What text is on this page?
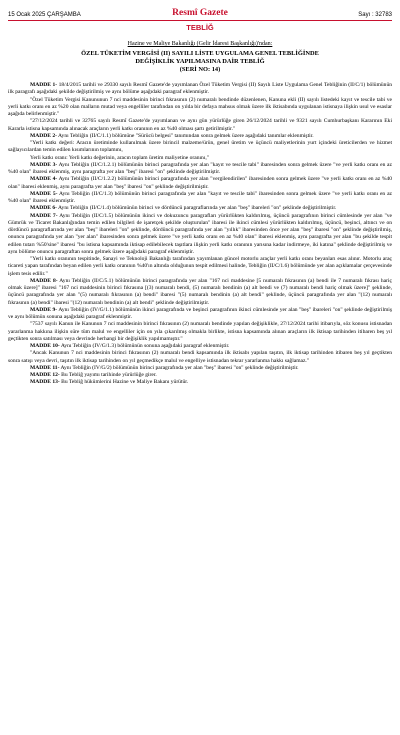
15 Ocak 2025 ÇARŞAMBA	Resmî Gazete	Sayı : 32783
TEBLİĞ
Hazine ve Maliye Bakanlığı (Gelir İdaresi Başkanlığı)'ndan:
ÖZEL TÜKETİM VERGİSİ (II) SAYILI LİSTE UYGULAMA GENEL TEBLİĞİNDE
DEĞİŞİKLİK YAPILMASINA DAİR TEBLİĞ
(SERİ NO: 14)

MADDE 1- 18/4/2015 tarihli ve 29330 sayılı Resmî Gazete'de yayımlanan Özel Tüketim Vergisi (II) Sayılı Liste Uygulama Genel Tebliğinin (II/C/1) bölümünün ilk paragrafı aşağıdaki şekilde değiştirilmiş ve aynı bölüme aşağıdaki paragraf eklenmiştir.

"Özel Tüketim Vergisi Kanununun 7 nci maddesinin birinci fıkrasının (2) numaralı bendinde düzenlenen, Kanuna ekli (II) sayılı listedeki kayıt ve tescile tabi ve yerli katkı oranı en az %20 olan malların mutad veya engelliler tarafından on yılda bir defaya mahsus olmak üzere ilk iktisabında uygulanan istisnaya ilişkin usul ve esaslar aşağıda belirlenmiştir."

"27/12/2024 tarihli ve 32765 sayılı Resmî Gazete'de yayımlanan ve aynı gün yürürlüğe giren 26/12/2024 tarihli ve 9321 sayılı Cumhurbaşkanı Kararının Eki Kararla istisna kapsamında alınacak araçların yerli katkı oranının en az %40 olması şartı getirilmiştir."

MADDE 2- Aynı Tebliğin (II/C/1.1) bölümüne "Sürücü belgesi" tanımından sonra gelmek üzere aşağıdaki tanımlar eklenmiştir.

"Yerli katkı değeri: Aracın üretiminde kullanılmak üzere birincil malzeme/ürün, genel üretim ve üçüncü maliyetlerinin yurt içindeki üreticilerden ve hizmet sağlayıcılardan temin edilen kısımlarının toplamını,

Yerli katkı oranı: Yerli katkı değerinin, aracın toplam üretim maliyetine oranını,"

MADDE 3- Aynı Tebliğin (II/C/1.2.1) bölümünün birinci paragrafında yer alan "kayıt ve tescile tabi" ibaresinden sonra gelmek üzere "ve yerli katkı oranı en az %40 olan" ibaresi eklenmiş, aynı paragrafta yer alan "beş" ibaresi "on" şeklinde değiştirilmiştir.

MADDE 4- Aynı Tebliğin (II/C/1.2.2) bölümünün birinci paragrafında yer alan "vergilendirilen" ibaresinden sonra gelmek üzere "ve yerli katkı oranı en az %40 olan" ibaresi eklenmiş, aynı paragrafta yer alan "beş" ibaresi "on" şeklinde değiştirilmiştir.

MADDE 5- Aynı Tebliğin (II/C/1.3) bölümünün birinci paragrafında yer alan "kayıt ve tescile tabi" ibaresinden sonra gelmek üzere "ve yerli katkı oranı en az %40 olan" ibaresi eklenmiştir.

MADDE 6- Aynı Tebliğin (II/C/1.4) bölümünün birinci ve dördüncü paragraflarında yer alan "beş" ibareleri "on" şeklinde değiştirilmiştir.

MADDE 7- Aynı Tebliğin (II/C/1.5) bölümünün ikinci ve dokuzuncu paragrafları yürürlükten kaldırılmış, üçüncü paragrafının birinci cümlesinde yer alan "ve Gümrük ve Ticaret Bakanlığından temin edilen bilgileri de işaretçek şekilde oluşturulan" ibaresi ile ikinci cümlesi yürürlükten kaldırılmış, üçüncü, beşinci, altıncı ve on dördüncü paragraflarında yer alan "beş" ibareleri "on" şeklinde, dördüncü paragrafında yer alan "yıllık" ibaresinden önce yer alan "beş" ibaresi "on" şeklinde değiştirilmiş, onuncu paragrafında yer alan "yer alan" ibaresinden sonra gelmek üzere "ve yerli katkı oranı en az %40 olan" ibaresi eklenmiş, aynı paragrafta yer alan "bu şekilde tespit edilen tutarı %50'sine" ibaresi "bu istisna kapsamında iktisap edilebilecek taşıtlara ilişkin yerli katkı oranının yarısına kadar indirmeye, iki katına" şeklinde değiştirilmiş ve aynı bölüme onuncu paragraftan sonra gelmek üzere aşağıdaki paragraf eklenmiştir.

"Yerli katkı oranının tespitinde, Sanayi ve Teknoloji Bakanlığı tarafından yayımlanan güncel motorlu araçlar yerli katkı oranı beyanları esas alınır. Motorlu araç ticareti yapan tarafından beyan edilen yerli katkı oranının %40'ın altında olduğunun tespit edilmesi halinde, Tebliğin (II/C/1.6) bölümünde yer alan açıklamalar çerçevesinde işlem tesis edilir."

MADDE 8- Aynı Tebliğin (II/C/5.1) bölümünün birinci paragrafında yer alan "167 nci maddesine [5 numaralı fıkrasının (a) bendi ile 7 numaralı fıkrası hariç olmak üzere]" ibaresi "167 nci maddesinin birinci fıkrasına [(3) numaralı bendi, (5) numaralı bendinin (a) alt bendi ve (7) numaralı bendi hariç olmak üzere]" şeklinde, üçüncü paragrafında yer alan "(5) numaralı fıkrasının (a) bendi" ibaresi "(5) numaralı bendinin (a) alt bendi" şeklinde, üçüncü paragrafında yer alan "(12) numaralı fıkrasının (a) bendi" ibaresi "(12) numaralı bendinin (a) alt bendi" şeklinde değiştirilmiştir.

MADDE 9- Aynı Tebliğin (IV/G/1.1) bölümünün ikinci paragrafında ve beşinci paragrafının ikinci cümlesinde yer alan "beş" ibareleri "on" şeklinde değiştirilmiş ve aynı bölümün sonuna aşağıdaki paragraf eklenmiştir.

"7537 sayılı Kanun ile Kanunun 7 nci maddesinin birinci fıkrasının (2) numaralı bendinde yapılan değişiklikle, 27/12/2024 tarihi itibarıyla, söz konusu istisnadan yararlanma hakkına ilişkin süre tüm malul ve engelliler için on yıla çıkarılmış olmakla birlikte, istisna kapsamında alınan araçların ilk iktisap tarihinden itibaren beş yıl geçtikten sonra satılması veya devrinde herhangi bir değişiklik yapılmamıştır."

MADDE 10- Aynı Tebliğin (IV/G/1.3) bölümünün sonuna aşağıdaki paragraf eklenmiştir.

"Ancak Kanunun 7 nci maddesinin birinci fıkrasının (2) numaralı bendi kapsamında ilk iktisabı yapılan taşıtın, ilk iktisap tarihinden itibaren beş yıl geçtikten sonra satışı veya devri, taşıtın ilk iktisap tarihinden on yıl geçmedikçe malul ve engelliye istisnadan tekrar yararlanma hakkı sağlamaz."

MADDE 11- Aynı Tebliğin (IV/G/2) bölümünün birinci paragrafında yer alan "beş" ibaresi "on" şeklinde değiştirilmiştir.

MADDE 12- Bu Tebliğ yayımı tarihinde yürürlüğe girer.

MADDE 13- Bu Tebliğ hükümlerini Hazine ve Maliye Bakanı yürütür.
